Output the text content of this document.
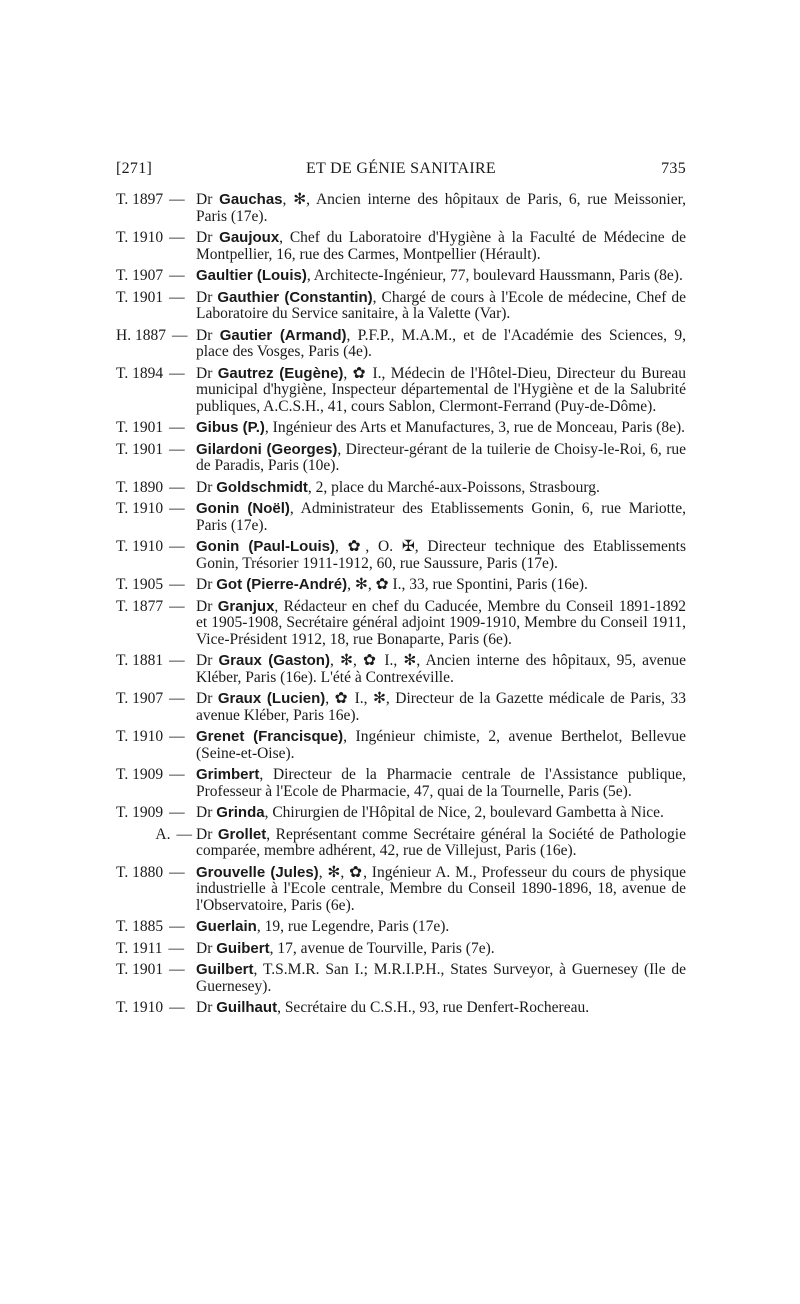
[271]	ET DE GÉNIE SANITAIRE	735
T. 1897 — Dr Gauchas, ✻, Ancien interne des hôpitaux de Paris, 6, rue Meissonier, Paris (17e).
T. 1910 — Dr Gaujoux, Chef du Laboratoire d'Hygiène à la Faculté de Médecine de Montpellier, 16, rue des Carmes, Montpellier (Hérault).
T. 1907 — Gaultier (Louis), Architecte-Ingénieur, 77, boulevard Haussmann, Paris (8e).
T. 1901 — Dr Gauthier (Constantin), Chargé de cours à l'Ecole de médecine, Chef de Laboratoire du Service sanitaire, à la Valette (Var).
H. 1887 — Dr Gautier (Armand), P.F.P., M.A.M., et de l'Académie des Sciences, 9, place des Vosges, Paris (4e).
T. 1894 — Dr Gautrez (Eugène), ✿ I., Médecin de l'Hôtel-Dieu, Directeur du Bureau municipal d'hygiène, Inspecteur départemental de l'Hygiène et de la Salubrité publiques, A.C.S.H., 41, cours Sablon, Clermont-Ferrand (Puy-de-Dôme).
T. 1901 — Gibus (P.), Ingénieur des Arts et Manufactures, 3, rue de Monceau, Paris (8e).
T. 1901 — Gilardoni (Georges), Directeur-gérant de la tuilerie de Choisy-le-Roi, 6, rue de Paradis, Paris (10e).
T. 1890 — Dr Goldschmidt, 2, place du Marché-aux-Poissons, Strasbourg.
T. 1910 — Gonin (Noël), Administrateur des Etablissements Gonin, 6, rue Mariotte, Paris (17e).
T. 1910 — Gonin (Paul-Louis), ✿, O. ✠, Directeur technique des Etablissements Gonin, Trésorier 1911-1912, 60, rue Saussure, Paris (17e).
T. 1905 — Dr Got (Pierre-André), ✻, ✿ I., 33, rue Spontini, Paris (16e).
T. 1877 — Dr Granjux, Rédacteur en chef du Caducée, Membre du Conseil 1891-1892 et 1905-1908, Secrétaire général adjoint 1909-1910, Membre du Conseil 1911, Vice-Président 1912, 18, rue Bonaparte, Paris (6e).
T. 1881 — Dr Graux (Gaston), ✻, ✿ I., ✻, Ancien interne des hôpitaux, 95, avenue Kléber, Paris (16e). L'été à Contrexéville.
T. 1907 — Dr Graux (Lucien), ✿ I., ✻, Directeur de la Gazette médicale de Paris, 33 avenue Kléber, Paris 16e).
T. 1910 — Grenet (Francisque), Ingénieur chimiste, 2, avenue Berthelot, Bellevue (Seine-et-Oise).
T. 1909 — Grimbert, Directeur de la Pharmacie centrale de l'Assistance publique, Professeur à l'Ecole de Pharmacie, 47, quai de la Tournelle, Paris (5e).
T. 1909 — Dr Grinda, Chirurgien de l'Hôpital de Nice, 2, boulevard Gambetta à Nice.
A. — Dr Grollet, Représentant comme Secrétaire général la Société de Pathologie comparée, membre adhérent, 42, rue de Villejust, Paris (16e).
T. 1880 — Grouvelle (Jules), ✻, ✿, Ingénieur A. M., Professeur du cours de physique industrielle à l'Ecole centrale, Membre du Conseil 1890-1896, 18, avenue de l'Observatoire, Paris (6e).
T. 1885 — Guerlain, 19, rue Legendre, Paris (17e).
T. 1911 — Dr Guibert, 17, avenue de Tourville, Paris (7e).
T. 1901 — Guilbert, T.S.M.R. San I.; M.R.I.P.H., States Surveyor, à Guernesey (Ile de Guernesey).
T. 1910 — Dr Guilhaut, Secrétaire du C.S.H., 93, rue Denfert-Rochereau.
